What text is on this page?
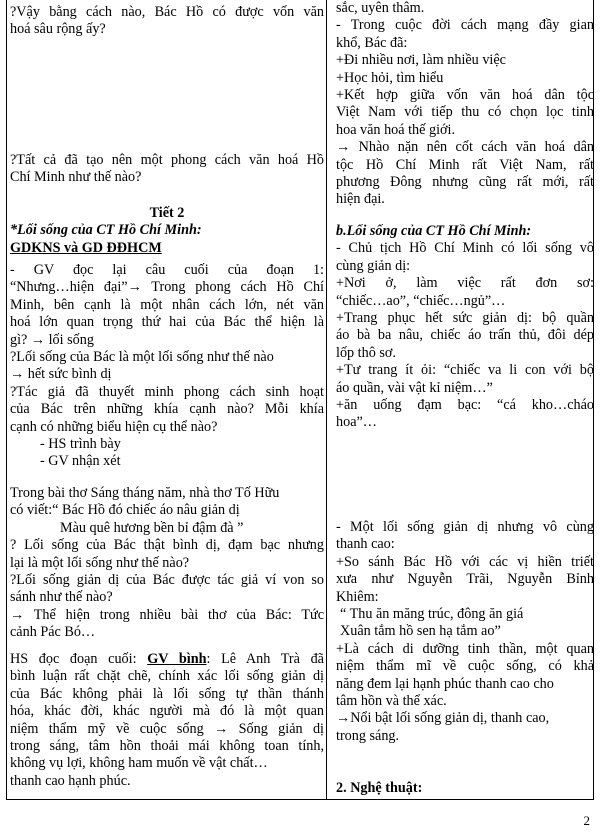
?Vậy bằng cách nào, Bác Hồ có được vốn văn
hoá sâu rộng ấy?
?Tất cả đã tạo nên một phong cách văn hoá Hồ
Chí Minh như thế nào?
Tiết 2
*Lối sống của CT Hồ Chí Minh:
GDKNS và GD ĐĐHCM
- GV đọc lại câu cuối của đoạn 1:
“Nhưng…hiện đại”→ Trong phong cách Hồ Chí
Minh, bên cạnh là một nhân cách lớn, nét văn
hoá lớn quan trọng thứ hai của Bác thể hiện là
gì? → lối sống
?Lối sống của Bác là một lối sống như thế nào
→ hết sức bình dị
?Tác giả đã thuyết minh phong cách sinh hoạt
của Bác trên những khía cạnh nào? Mỗi khía
cạnh có những biểu hiện cụ thể nào?
- HS trình bày
- GV nhận xét
Trong bài thơ Sáng tháng năm, nhà thơ Tố Hữu
có viết:“ Bác Hồ đó chiếc áo nâu giản dị
Màu quê hương bền bỉ đậm đà ”
? Lối sống của Bác thật bình dị, đạm bạc nhưng
lại là một lối sống như thế nào?
?Lối sống giản dị của Bác được tác giả ví von so
sánh như thế nào?
→ Thể hiện trong nhiều bài thơ của Bác: Tức
cảnh Pác Bó…
HS đọc đoạn cuối: GV bình: Lê Anh Trà đã
bình luận rất chặt chẽ, chính xác lối sống giản dị
của Bác không phải là lối sống tự thần thánh
hóa, khác đời, khác người mà đó là một quan
niệm thẩm mỹ về cuộc sống → Sống giản dị
trong sáng, tâm hồn thoải mái không toan tính,
không vụ lợi, không ham muốn về vật chất…
thanh cao hạnh phúc.
sắc, uyên thâm.
- Trong cuộc đời cách mạng đầy gian
khổ, Bác đã:
+Đi nhiều nơi, làm nhiều việc
+Học hỏi, tìm hiểu
+Kết hợp giữa vốn văn hoá dân tộc
Việt Nam với tiếp thu có chọn lọc tinh
hoa văn hoá thế giới.
→ Nhào nặn nên cốt cách văn hoá dân
tộc Hồ Chí Minh rất Việt Nam, rất
phương Đông nhưng cũng rất mới, rất
hiện đại.
b.Lối sống của CT Hồ Chí Minh:
- Chủ tịch Hồ Chí Minh có lối sống vô
cùng giản dị:
+Nơi ở, làm việc rất đơn sơ:
“chiếc…ao”, “chiếc…ngủ”…
+Trang phục hết sức giản dị: bộ quần
áo bà ba nâu, chiếc áo trấn thủ, đôi dép
lốp thô sơ.
+Tư trang ít ỏi: “chiếc va li con với bộ
áo quần, vài vật kỉ niệm…”
+ăn uống đạm bạc: “cá kho…cháo
hoa”…
- Một lối sống giản dị nhưng vô cùng
thanh cao:
+So sánh Bác Hồ với các vị hiền triết
xưa như Nguyễn Trãi, Nguyễn Bỉnh
Khiêm:
“ Thu ăn măng trúc, đông ăn giá
Xuân tắm hồ sen hạ tắm ao”
+Là cách di dưỡng tinh thần, một quan
niệm thẩm mĩ về cuộc sống, có khả
năng đem lại hạnh phúc thanh cao cho
tâm hồn và thể xác.
→Nổi bật lối sống giản dị, thanh cao,
trong sáng.
2. Nghệ thuật:
2
